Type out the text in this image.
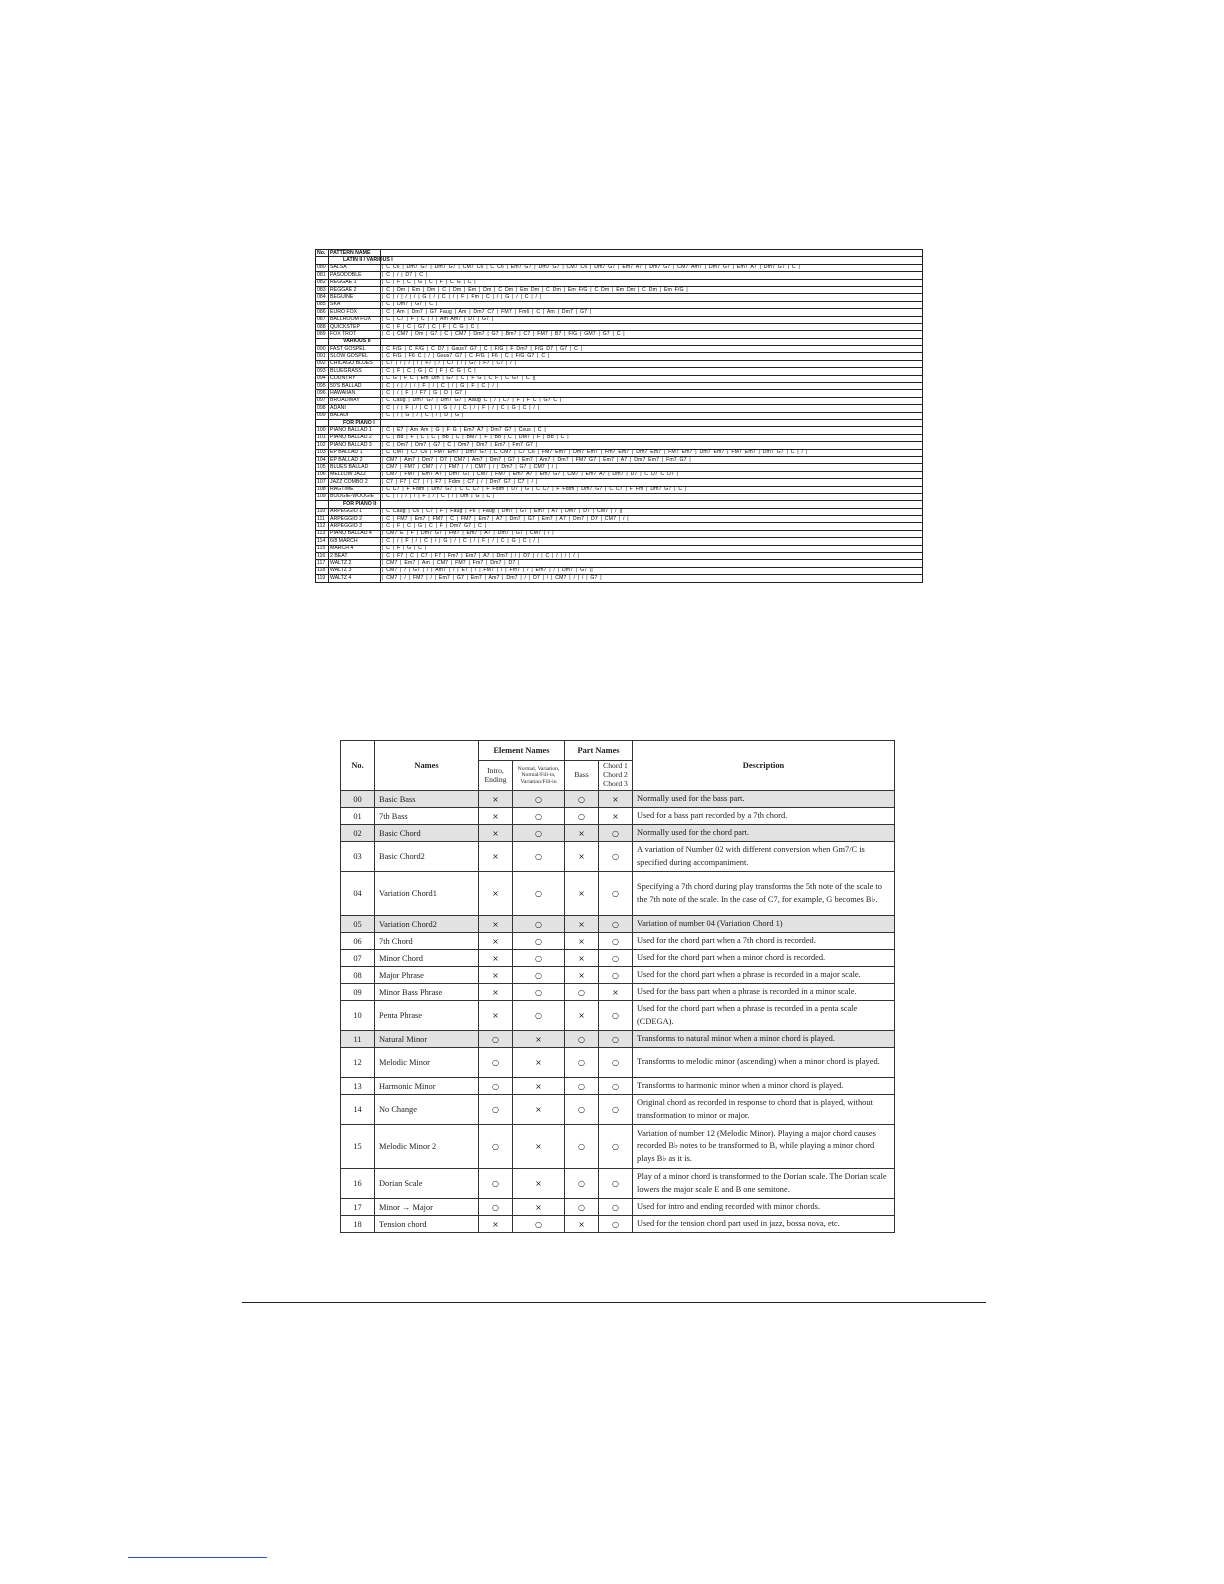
No.	PATTERN NAME	
	LATIN II / VARIOUS I	
080	SALSA	| C C6 | Dm7 G7 | Dm7 G7 | CM7 C6 | C C6 | Em7 G7 | Dm7 G7 | CM7 C6 | Dm7 G7 | Em7 A7 | Dm7 G7 | CM7 Am7 | Dm7 G7 | Em7 A7 | Dm7 G7 | C |
081	PASODOBLE	| C | / | D7 | C |
082	REGGAE 1	| C | F | C | G | C | F | C G | C |
083	REGGAE 2	| C | Dm | Em | Dm | C | Dm | Em | Dm | C Dm | Em Dm | C Dm | Em F/G | C Dm | Em Dm | C Dm | Em F/G |
084	BEGUINE	| C | / | / | / | G | / | C | / | F | Fm | C | / | G | / | C | / |
085	SKA	| C | Dm7 | G7 | C |
086	EURO FOX	| C | Am | Dm7 | G7 Faug | Am | Dm7 C7 | FM7 | Fm6 | C | Am | Dm7 | G7 |
087	BALLROOM FOX	| C | C7 | F | C | / | Am Am7 | D7 | G7 |
088	QUICKSTEP	| C | F | C | G7 | C | F | C G | C |
089	FOX TROT	| C | CM7 | Dm | G7 | C | CM7 | Dm7 | G7 | Bm7 | C7 | FM7 | B7 | F/G | GM7 | G7 | C |
	VARIOUS II	
090	FAST GOSPEL	| C F/G | C F/G | C D7 | Gsus7 G7 | C | F/G | F Dm7 | F/G D7 | G7 | C |
091	SLOW GOSPEL	| C F/G | F6 C | / | Gsus7 G7 | C F/G | F6 | C | F/G G7 | C |
092	CHICAGO BLUES	| C7 | / | / | / | F7 | / | C7 | / | G7 | F7 | C7 | / |
093	BLUEGRASS	| C | F | C | G | C | F | C G | C |
094	COUNTRY	| C G | F C | Em Dm | G7 | C | F G | C F | C G7 | C ||
095	50'S BALLAD	| C | / | / | / | F | / | C | / | G | F | C | / |
096	HAWAIIAN	| C | / | F | / F7 | G | D | G7 |
097	BROADWAY	| C Caug | Dm7 G7 | Dm7 G7 | Aaug C | / | C7 | F | F C | G7 C |
098	ADANI	| C | / | F | / | C | / | G | / | C | / | F | / | C | G | C | / |
099	BALADI	| C | / | G | / | C | / | D | G |
	FOR PIANO I	
100	PIANO BALLAD 1	| C | E7 | Am Am | G | F G | Em7 A7 | Dm7 G7 | Csus | C |
101	PIANO BALLAD 2	| C | Bb | F | C | C | Bb | C | BM7 | F | Bb | C | DM7 | F | Bb | C |
102	PIANO BALLAD 3	| C | Dm7 | Dm7 | G7 | C | Dm7 | Dm7 | Em7 | Fm7 G7 |
103	EP BALLAD 1	| C CM7 | C7 C6 | FM7 Em7 | Dm7 G7 | C CM7 | C7 C6 | FM7 Em7 | Dm7 Em7 | Fm7 Em7 | Dm7 Em7 | FM7 Em7 | Dm7 Em7 | FM7 Em7 | Dm7 G7 | C | / |
104	EP BALLAD 2	| CM7 | Am7 | Dm7 | D7 | CM7 | Am7 | Dm7 | G7 | Em7 | Am7 | Dm7 | FM7 G7 | Em7 | A7 | Dm7 Em7 | Fm7 G7 |
105	BLUES BALLAD	| CM7 | FM7 | CM7 | / | FM7 | / | CM7 | / | Dm7 | G7 | CM7 | / |
106	MELLOW JAZZ	| CM7 | FM7 | Em7 A7 | Dm7 G7 | CM7 | FM7 | Em7 A7 | Em7 G7 | CM7 | Em7 A7 | Dm7 | D7 | C D7 C D7 |
107	JAZZ COMBO 2	| C7 | F7 | C7 | / | F7 | Fdim | C7 | / | Dm7 G7 | C7 | / |
108	RAGTIME	| C C7 | F Fdim | Dm7 G7 | C C C7 | F Fdim | D7 | G | C C7 | F Fdim | Dm7 G7 | C C7 | F Fm | Dm7 G7 | C |
109	BOOGIE-WOOGIE	| C | / | / | / | F | / | C | / | Dm | G | C |
	FOR PIANO II	
110	ARPEGGIO 1	| C Caug | C6 | C7 | F | Faug | F6 | Faug | Dm7 | G7 | Em7 | A7 | Dm7 | D7 | CM7 | / ||
111	ARPEGGIO 2	| C | FM7 | Em7 | FM7 | C | FM7 | Em7 | A7 | Dm7 | G7 | Em7 | A7 | Dm7 | D7 | CM7 | / |
112	ARPEGGIO 3	| C | F | C | G | C | F | Dm7 G7 | C |
113	PIANO BALLAD 4	| CM7 E | F | Dm7 G7 | FM7 | Em7 | A7 | Dm7 | G7 | CM7 | / |
114	6/8 MARCH	| C | / | F | / | C | / | G | / | C | / | F | / | C | G | C | / |
115	MARCH 4	| C | F | G | C |
116	2 BEAT	| C | F7 | C | C7 | F7 | Fm7 | Em7 | A7 | Dm7 | / | D7 | / | C | / | / | / |
117	WALTZ 2	| CM7 | Em7 | Am | CM7 | FM7 | Fm7 | Dm7 | D7 |
118	WALTZ 3	| CM7 | / | G7 | / | Am7 | / | E7 | / | FM7 | / | Fm7 | / | Em7 | / | Dm7 | G7 ||
119	WALTZ 4	| CM7 | / | FM7 | / | Em7 | G7 | Em7 | Am7 | Dm7 | / | D7 | / | CM7 | / | / | G7 |
No.	Names	Element Names		Part Names		Description
		Intro, Ending	Normal, Variation, Normal/Fill-in, Variation/Fill-in	Bass	Chord 1 Chord 2 Chord 3	
00	Basic Bass	×	○	○	×	Normally used for the bass part.
01	7th Bass	×	○	○	×	Used for a bass part recorded by a 7th chord.
02	Basic Chord	×	○	×	○	Normally used for the chord part.
03	Basic Chord2	×	○	×	○	A variation of Number 02 with different conversion when Gm7/C is specified during accompaniment.
04	Variation Chord1	×	○	×	○	Specifying a 7th chord during play transforms the 5th note of the scale to the 7th note of the scale. In the case of C7, for example, G becomes B♭.
05	Variation Chord2	×	○	×	○	Variation of number 04 (Variation Chord 1)
06	7th Chord	×	○	×	○	Used for the chord part when a 7th chord is recorded.
07	Minor Chord	×	○	×	○	Used for the chord part when a minor chord is recorded.
08	Major Phrase	×	○	×	○	Used for the chord part when a phrase is recorded in a major scale.
09	Minor Bass Phrase	×	○	○	×	Used for the bass part when a phrase is recorded in a minor scale.
10	Penta Phrase	×	○	×	○	Used for the chord part when a phrase is recorded in a penta scale (CDEGA).
11	Natural Minor	○	×	○	○	Transforms to natural minor when a minor chord is played.
12	Melodic Minor	○	×	○	○	Transforms to melodic minor (ascending) when a minor chord is played.
13	Harmonic Minor	○	×	○	○	Transforms to harmonic minor when a minor chord is played.
14	No Change	○	×	○	○	Original chord as recorded in response to chord that is played, without transformation to minor or major.
15	Melodic Minor 2	○	×	○	○	Variation of number 12 (Melodic Minor). Playing a major chord causes recorded B♭ notes to be transformed to B, while playing a minor chord plays B♭ as it is.
16	Dorian Scale	○	×	○	○	Play of a minor chord is transformed to the Dorian scale. The Dorian scale lowers the major scale E and B one semitone.
17	Minor → Major	○	×	○	○	Used for intro and ending recorded with minor chords.
18	Tension chord	×	○	×	○	Used for the tension chord part used in jazz, bossa nova, etc.
